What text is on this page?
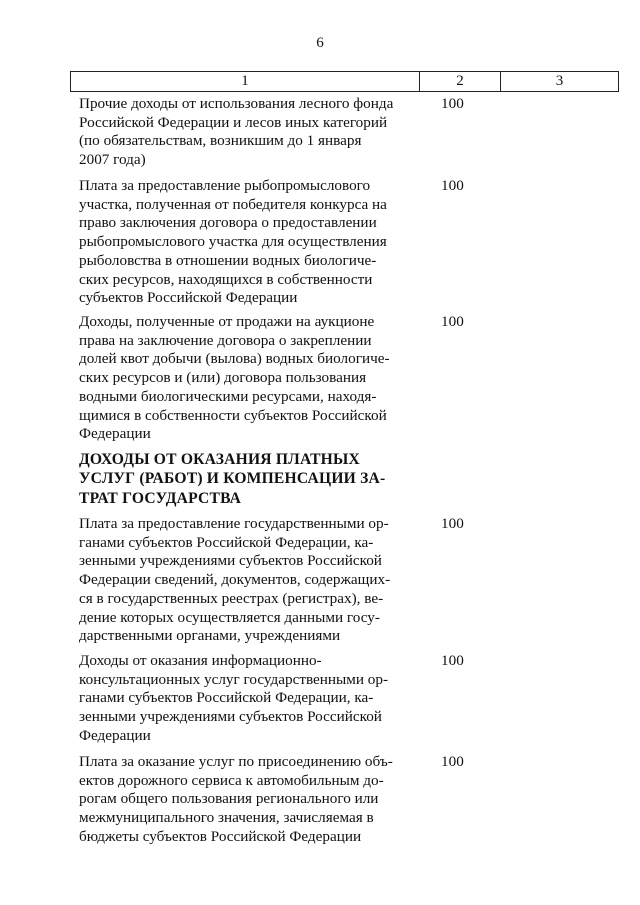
6
1	2	3
Прочие доходы от использования лесного фонда
Российской Федерации и лесов иных категорий
(по обязательствам, возникшим до 1 января
2007 года)
100
Плата за предоставление рыбопромыслового
участка, полученная от победителя конкурса на
право заключения договора о предоставлении
рыбопромыслового участка для осуществления
рыболовства в отношении водных биологиче-
ских ресурсов, находящихся в собственности
субъектов Российской Федерации
100
Доходы, полученные от продажи на аукционе
права на заключение договора о закреплении
долей квот добычи (вылова) водных биологиче-
ских ресурсов и (или) договора пользования
водными биологическими ресурсами, находя-
щимися в собственности субъектов Российской
Федерации
100
ДОХОДЫ ОТ ОКАЗАНИЯ ПЛАТНЫХ
УСЛУГ (РАБОТ) И КОМПЕНСАЦИИ ЗА-
ТРАТ ГОСУДАРСТВА
Плата за предоставление государственными ор-
ганами субъектов Российской Федерации, ка-
зенными учреждениями субъектов Российской
Федерации сведений, документов, содержащих-
ся в государственных реестрах (регистрах), ве-
дение которых осуществляется данными госу-
дарственными органами, учреждениями
100
Доходы от оказания информационно-
консультационных услуг государственными ор-
ганами субъектов Российской Федерации, ка-
зенными учреждениями субъектов Российской
Федерации
100
Плата за оказание услуг по присоединению объ-
ектов дорожного сервиса к автомобильным до-
рогам общего пользования регионального или
межмуниципального значения, зачисляемая в
бюджеты субъектов Российской Федерации
100
